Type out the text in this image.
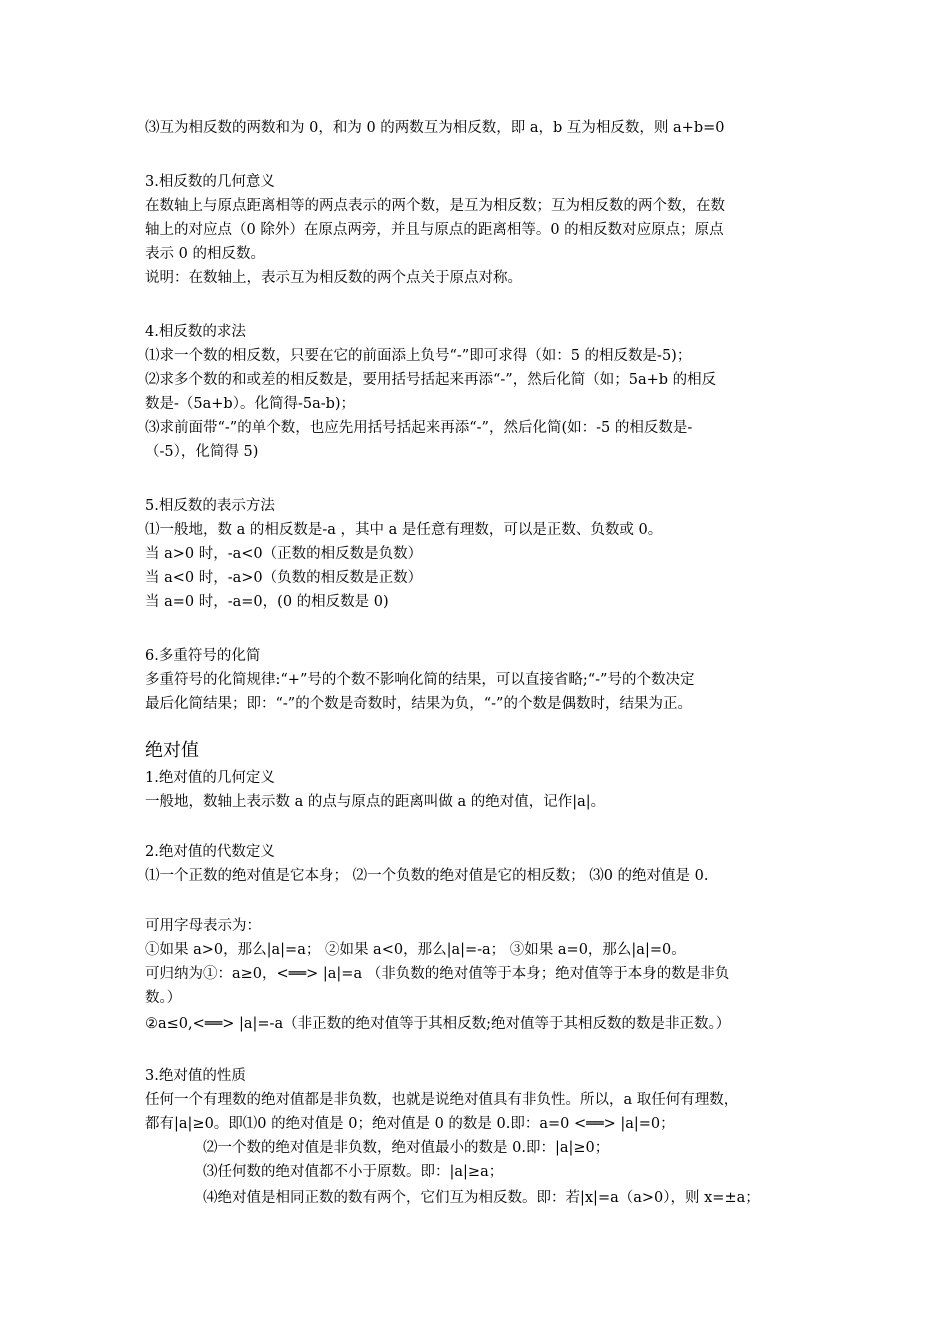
⑶互为相反数的两数和为 0，和为 0 的两数互为相反数，即 a，b 互为相反数，则 a+b=0
3.相反数的几何意义
在数轴上与原点距离相等的两点表示的两个数，是互为相反数；互为相反数的两个数，在数
轴上的对应点（0 除外）在原点两旁，并且与原点的距离相等。0 的相反数对应原点；原点
表示 0 的相反数。
说明：在数轴上，表示互为相反数的两个点关于原点对称。
4.相反数的求法
⑴求一个数的相反数，只要在它的前面添上负号“-”即可求得（如：5 的相反数是-5)；
⑵求多个数的和或差的相反数是，要用括号括起来再添“-”，然后化简（如；5a+b 的相反
数是-（5a+b）。化简得-5a-b)；
⑶求前面带“-”的单个数，也应先用括号括起来再添“-”，然后化简(如：-5 的相反数是-
（-5），化简得 5)
5.相反数的表示方法
⑴一般地，数 a 的相反数是-a ，其中 a 是任意有理数，可以是正数、负数或 0。
当 a>0 时，-a<0（正数的相反数是负数）
当 a<0 时，-a>0（负数的相反数是正数）
当 a=0 时，-a=0，(0 的相反数是 0)
6.多重符号的化简
多重符号的化简规律:“+”号的个数不影响化简的结果，可以直接省略;“-”号的个数决定
最后化简结果；即：“-”的个数是奇数时，结果为负，“-”的个数是偶数时，结果为正。
绝对值
1.绝对值的几何定义
一般地，数轴上表示数 a 的点与原点的距离叫做 a 的绝对值，记作|a|。
2.绝对值的代数定义
⑴一个正数的绝对值是它本身； ⑵一个负数的绝对值是它的相反数； ⑶0 的绝对值是 0.
可用字母表示为：
①如果 a>0，那么|a|=a； ②如果 a<0，那么|a|=-a； ③如果 a=0，那么|a|=0。
可归纳为①：a≥0，<══> |a|=a （非负数的绝对值等于本身；绝对值等于本身的数是非负
数。）
②a≤0,<══> |a|=-a（非正数的绝对值等于其相反数;绝对值等于其相反数的数是非正数。）
3.绝对值的性质
任何一个有理数的绝对值都是非负数，也就是说绝对值具有非负性。所以，a 取任何有理数，
都有|a|≥0。即⑴0 的绝对值是 0；绝对值是 0 的数是 0.即：a=0 <══> |a|=0；
⑵一个数的绝对值是非负数，绝对值最小的数是 0.即：|a|≥0；
⑶任何数的绝对值都不小于原数。即：|a|≥a；
⑷绝对值是相同正数的数有两个，它们互为相反数。即：若|x|=a（a>0），则 x=±a；
